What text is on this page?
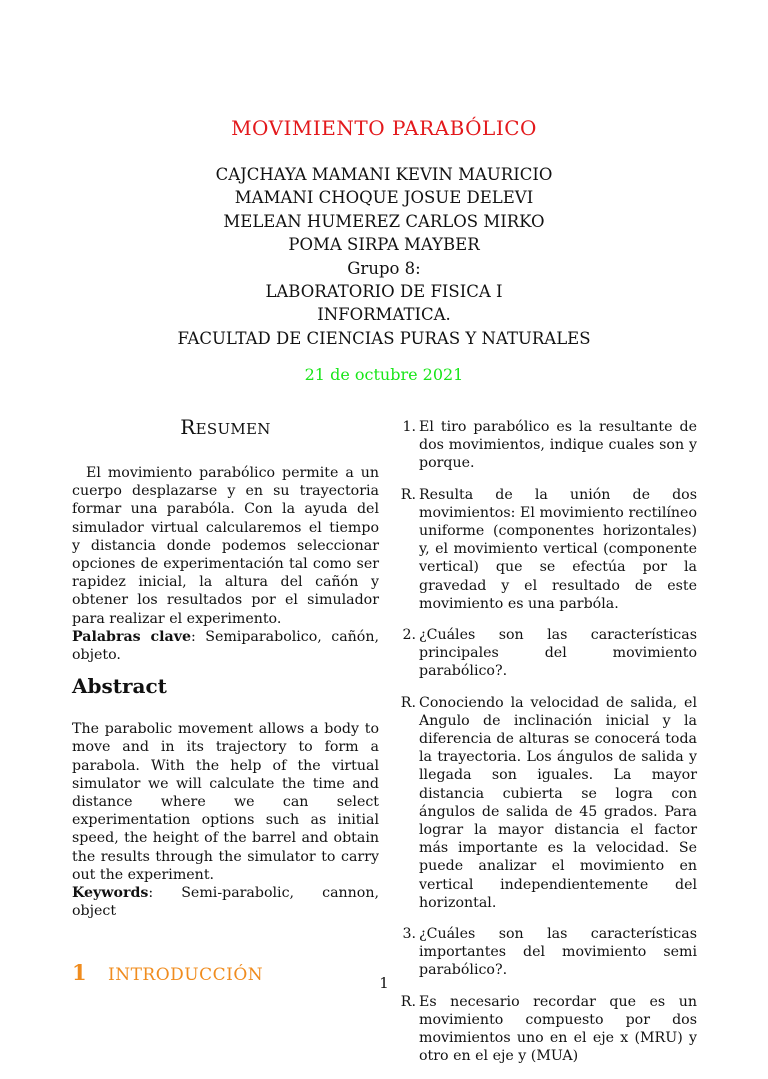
MOVIMIENTO PARABÓLICO
CAJCHAYA MAMANI KEVIN MAURICIO
MAMANI CHOQUE JOSUE DELEVI
MELEAN HUMEREZ CARLOS MIRKO
POMA SIRPA MAYBER
Grupo 8:
LABORATORIO DE FISICA I
INFORMATICA.
FACULTAD DE CIENCIAS PURAS Y NATURALES
21 de octubre 2021
RESUMEN
El movimiento parabólico permite a un cuerpo desplazarse y en su trayectoria formar una parabóla. Con la ayuda del simulador virtual calcularemos el tiempo y distancia donde podemos seleccionar opciones de experimentación tal como ser rapidez inicial, la altura del cañón y obtener los resultados por el simulador para realizar el experimento.
Palabras clave: Semiparabolico, cañón, objeto.
Abstract
The parabolic movement allows a body to move and in its trajectory to form a parabola. With the help of the virtual simulator we will calculate the time and distance where we can select experimentation options such as initial speed, the height of the barrel and obtain the results through the simulator to carry out the experiment.
Keywords: Semi-parabolic, cannon, object
1	INTRODUCCIÓN
1. El tiro parabólico es la resultante de dos movimientos, indique cuales son y porque.
R. Resulta de la unión de dos movimientos: El movimiento rectilíneo uniforme (componentes horizontales) y, el movimiento vertical (componente vertical) que se efectúa por la gravedad y el resultado de este movimiento es una parbóla.
2. ¿Cuáles son las características principales del movimiento parabólico?.
R. Conociendo la velocidad de salida, el Angulo de inclinación inicial y la diferencia de alturas se conocerá toda la trayectoria. Los ángulos de salida y llegada son iguales. La mayor distancia cubierta se logra con ángulos de salida de 45 grados. Para lograr la mayor distancia el factor más importante es la velocidad. Se puede analizar el movimiento en vertical independientemente del horizontal.
3. ¿Cuáles son las características importantes del movimiento semi parabólico?.
R. Es necesario recordar que es un movimiento compuesto por dos movimientos uno en el eje x (MRU) y otro en el eje y (MUA)
1
